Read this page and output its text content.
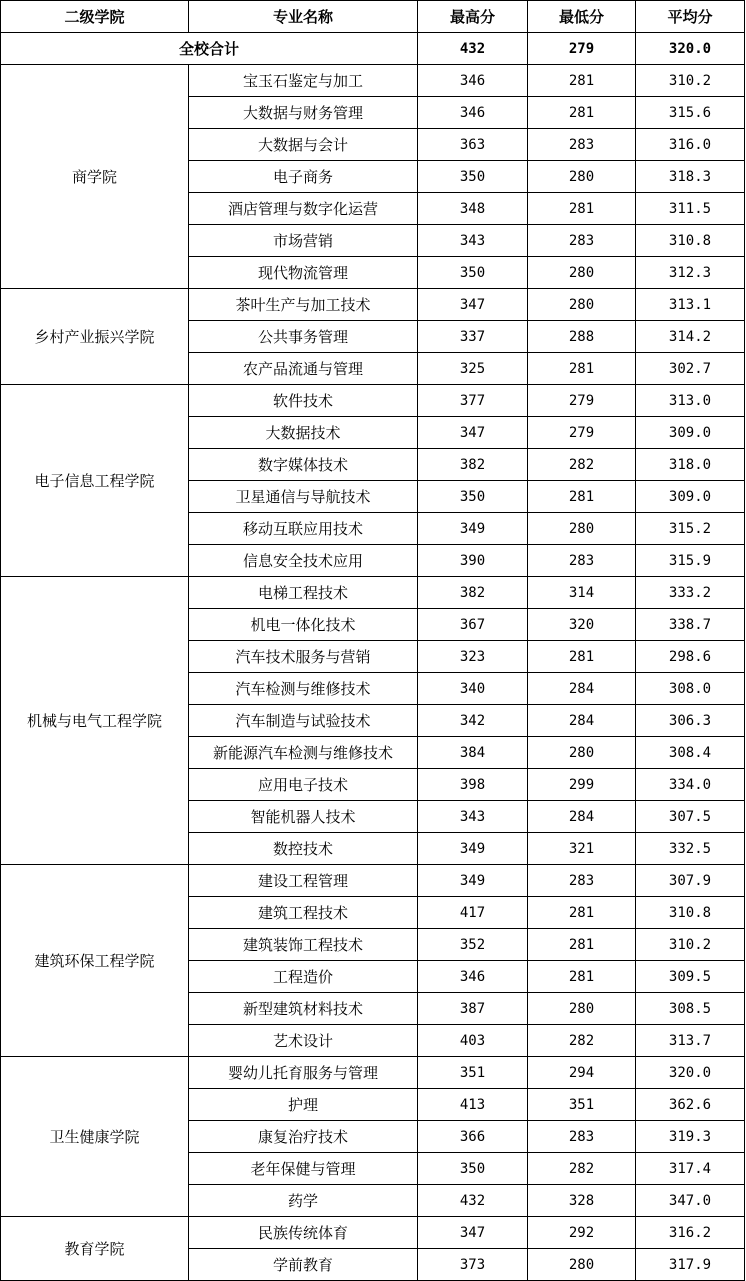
二级学院	专业名称	最高分	最低分	平均分
全校合计		432	279	320.0
商学院	宝玉石鉴定与加工	346	281	310.2
	大数据与财务管理	346	281	315.6
	大数据与会计	363	283	316.0
	电子商务	350	280	318.3
	酒店管理与数字化运营	348	281	311.5
	市场营销	343	283	310.8
	现代物流管理	350	280	312.3
乡村产业振兴学院	茶叶生产与加工技术	347	280	313.1
	公共事务管理	337	288	314.2
	农产品流通与管理	325	281	302.7
电子信息工程学院	软件技术	377	279	313.0
	大数据技术	347	279	309.0
	数字媒体技术	382	282	318.0
	卫星通信与导航技术	350	281	309.0
	移动互联应用技术	349	280	315.2
	信息安全技术应用	390	283	315.9
机械与电气工程学院	电梯工程技术	382	314	333.2
	机电一体化技术	367	320	338.7
	汽车技术服务与营销	323	281	298.6
	汽车检测与维修技术	340	284	308.0
	汽车制造与试验技术	342	284	306.3
	新能源汽车检测与维修技术	384	280	308.4
	应用电子技术	398	299	334.0
	智能机器人技术	343	284	307.5
	数控技术	349	321	332.5
建筑环保工程学院	建设工程管理	349	283	307.9
	建筑工程技术	417	281	310.8
	建筑装饰工程技术	352	281	310.2
	工程造价	346	281	309.5
	新型建筑材料技术	387	280	308.5
	艺术设计	403	282	313.7
卫生健康学院	婴幼儿托育服务与管理	351	294	320.0
	护理	413	351	362.6
	康复治疗技术	366	283	319.3
	老年保健与管理	350	282	317.4
	药学	432	328	347.0
教育学院	民族传统体育	347	292	316.2
	学前教育	373	280	317.9
